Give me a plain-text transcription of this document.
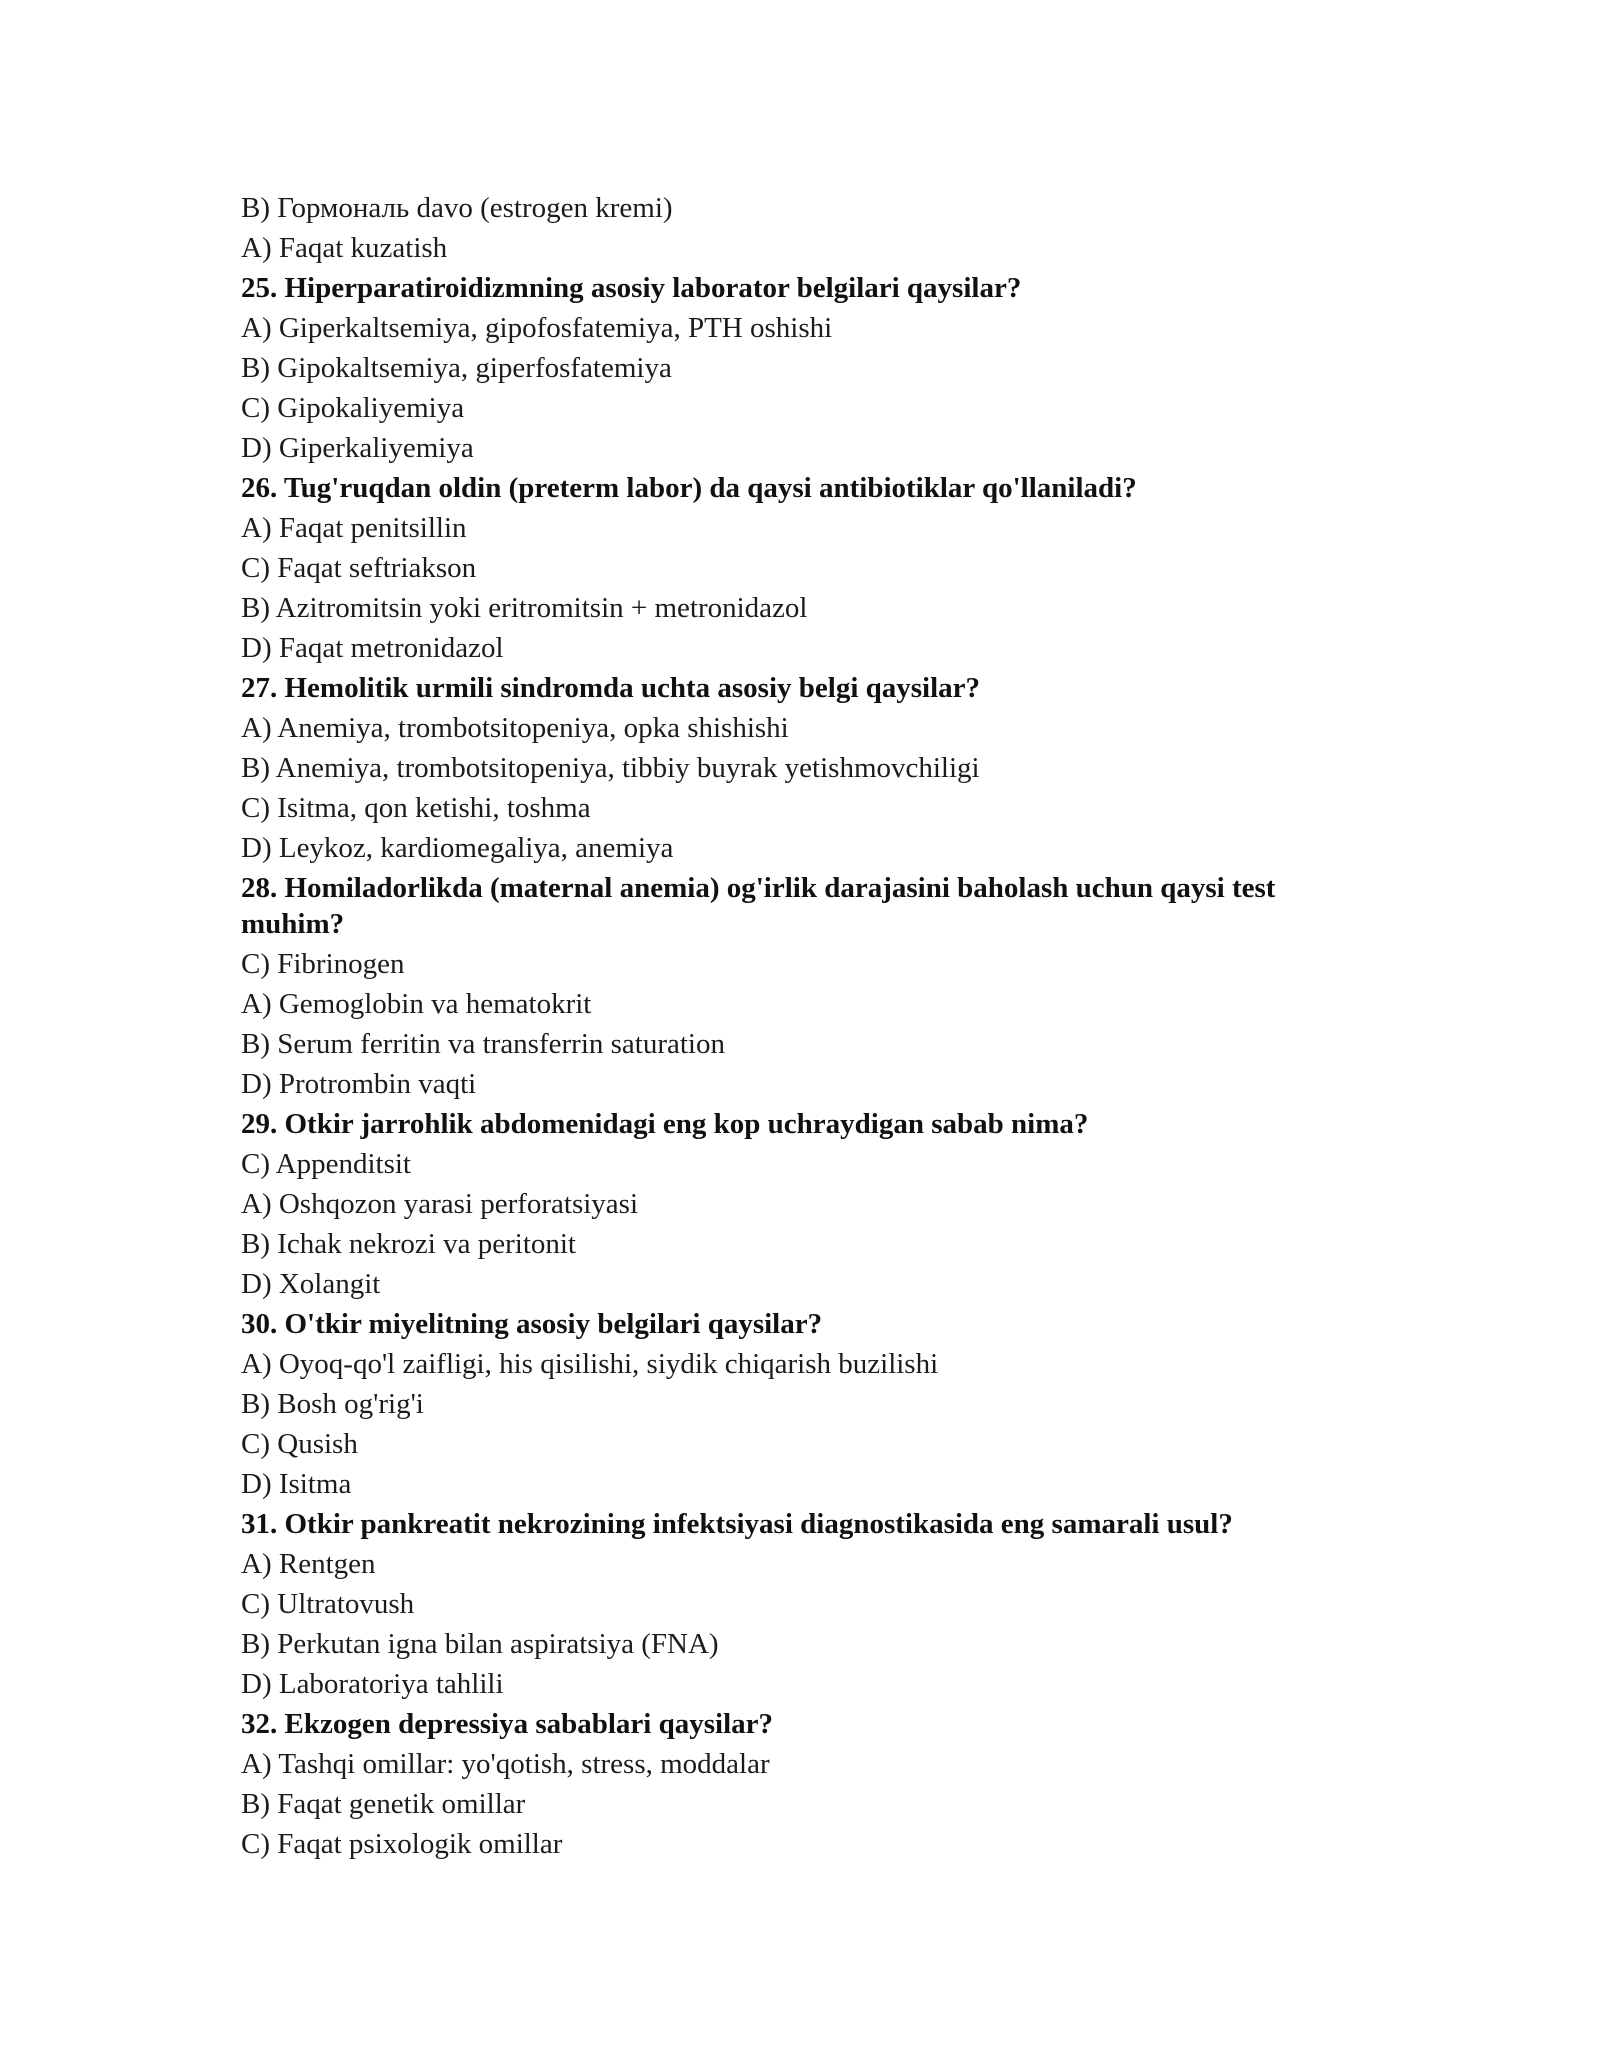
B) Гормональ davo (estrogen kremi)
A) Faqat kuzatish
25. Hiperparatiroidizmning asosiy laborator belgilari qaysilar?
A) Giperkaltsemiya, gipofosfatemiya, PTH oshishi
B) Gipokaltsemiya, giperfosfatemiya
C) Gipokaliyemiya
D) Giperkaliyemiya
26. Tug'ruqdan oldin (preterm labor) da qaysi antibiotiklar qo'llaniladi?
A) Faqat penitsillin
C) Faqat seftriakson
B) Azitromitsin yoki eritromitsin + metronidazol
D) Faqat metronidazol
27. Hemolitik urmili sindromda uchta asosiy belgi qaysilar?
A) Anemiya, trombotsitopeniya, opka shishishi
B) Anemiya, trombotsitopeniya, tibbiy buyrak yetishmovchiligi
C) Isitma, qon ketishi, toshma
D) Leykoz, kardiomegaliya, anemiya
28. Homiladorlikda (maternal anemia) og'irlik darajasini baholash uchun qaysi test muhim?
C) Fibrinogen
A) Gemoglobin va hematokrit
B) Serum ferritin va transferrin saturation
D) Protrombin vaqti
29. Otkir jarrohlik abdomenidagi eng kop uchraydigan sabab nima?
C) Appenditsit
A) Oshqozon yarasi perforatsiyasi
B) Ichak nekrozi va peritonit
D) Xolangit
30. O'tkir miyelitning asosiy belgilari qaysilar?
A) Oyoq-qo'l zaifligi, his qisilishi, siydik chiqarish buzilishi
B) Bosh og'rig'i
C) Qusish
D) Isitma
31. Otkir pankreatit nekrozining infektsiyasi diagnostikasida eng samarali usul?
A) Rentgen
C) Ultratovush
B) Perkutan igna bilan aspiratsiya (FNA)
D) Laboratoriya tahlili
32. Ekzogen depressiya sabablari qaysilar?
A) Tashqi omillar: yo'qotish, stress, moddalar
B) Faqat genetik omillar
C) Faqat psixologik omillar
